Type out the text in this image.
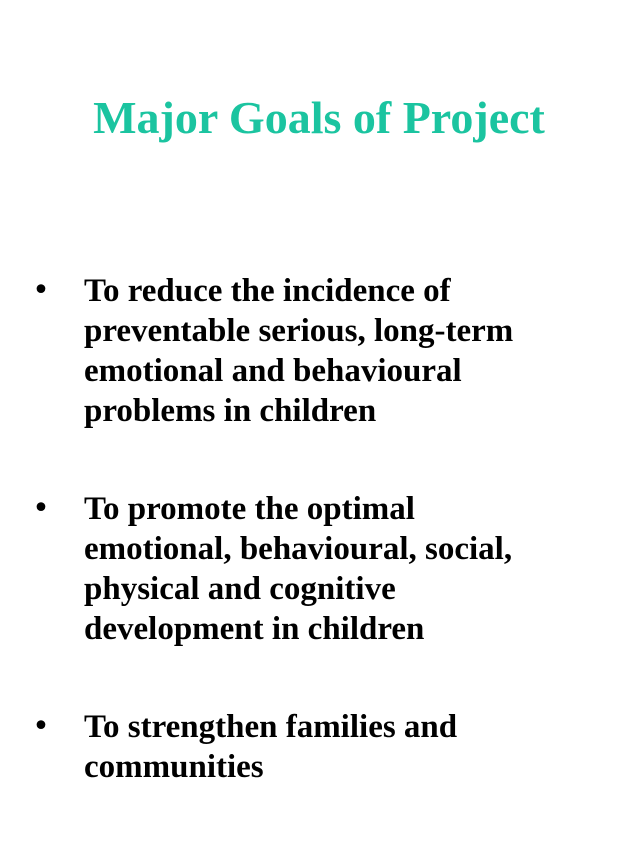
Major Goals of Project
• To reduce the incidence of
preventable serious, long-term
emotional and behavioural
problems in children
• To promote the optimal
emotional, behavioural, social,
physical and cognitive
development in children
• To strengthen families and
communities
